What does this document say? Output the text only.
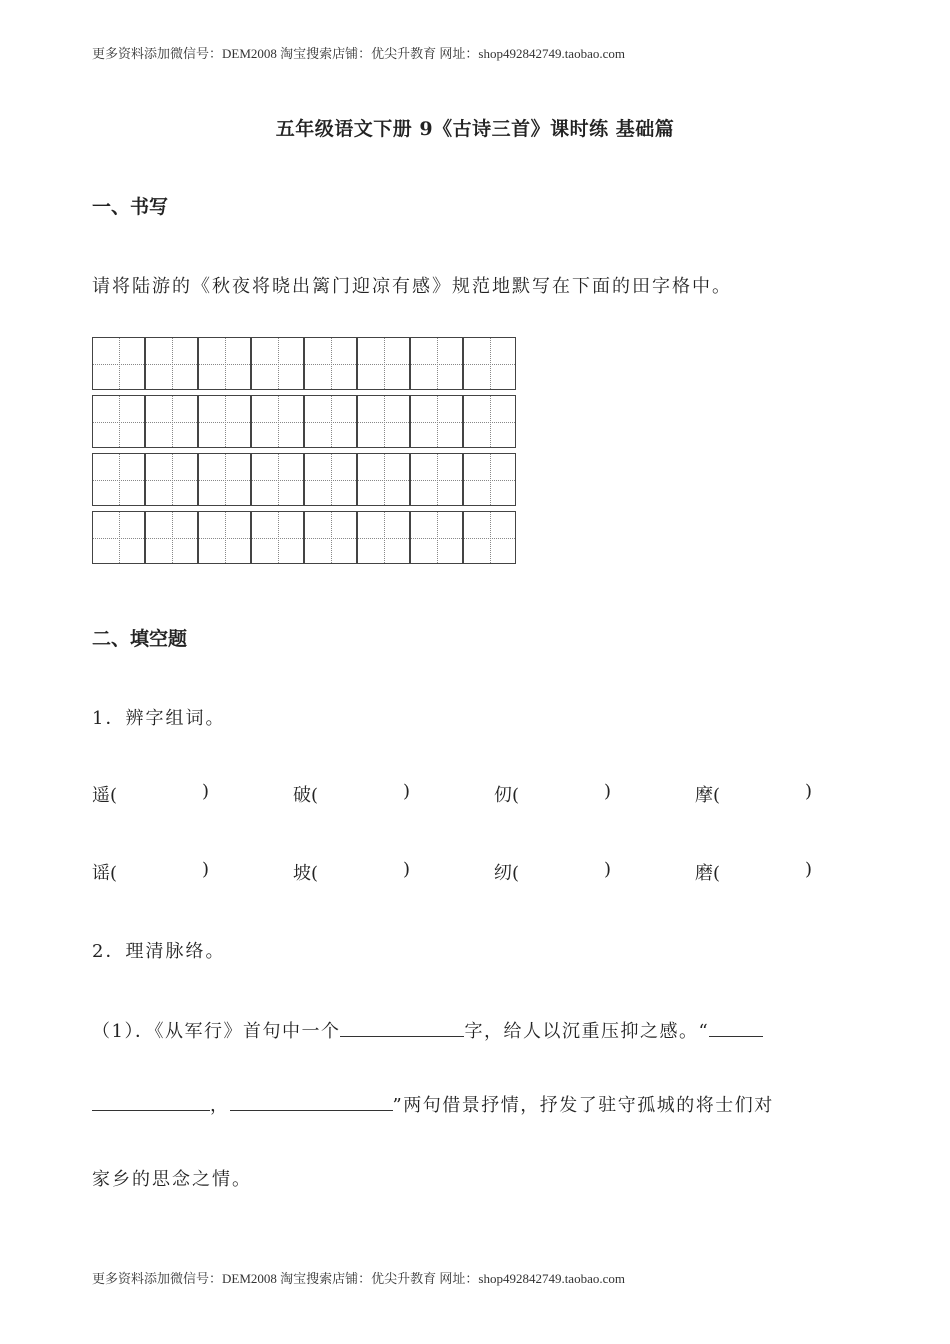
更多资料添加微信号：DEM2008 淘宝搜索店铺：优尖升教育 网址：shop492842749.taobao.com
五年级语文下册 9《古诗三首》课时练 基础篇
一、书写
请将陆游的《秋夜将晓出篱门迎凉有感》规范地默写在下面的田字格中。
二、填空题
1．辨字组词。
遥(	)	破(	)	仞(	)	摩(	)
谣(	)	坡(	)	纫(	)	磨(	)
2．理清脉络。
（1）．《从军行》首句中一个	字，给人以沉重压抑之感。“
，	”两句借景抒情，抒发了驻守孤城的将士们对
家乡的思念之情。
更多资料添加微信号：DEM2008 淘宝搜索店铺：优尖升教育 网址：shop492842749.taobao.com
